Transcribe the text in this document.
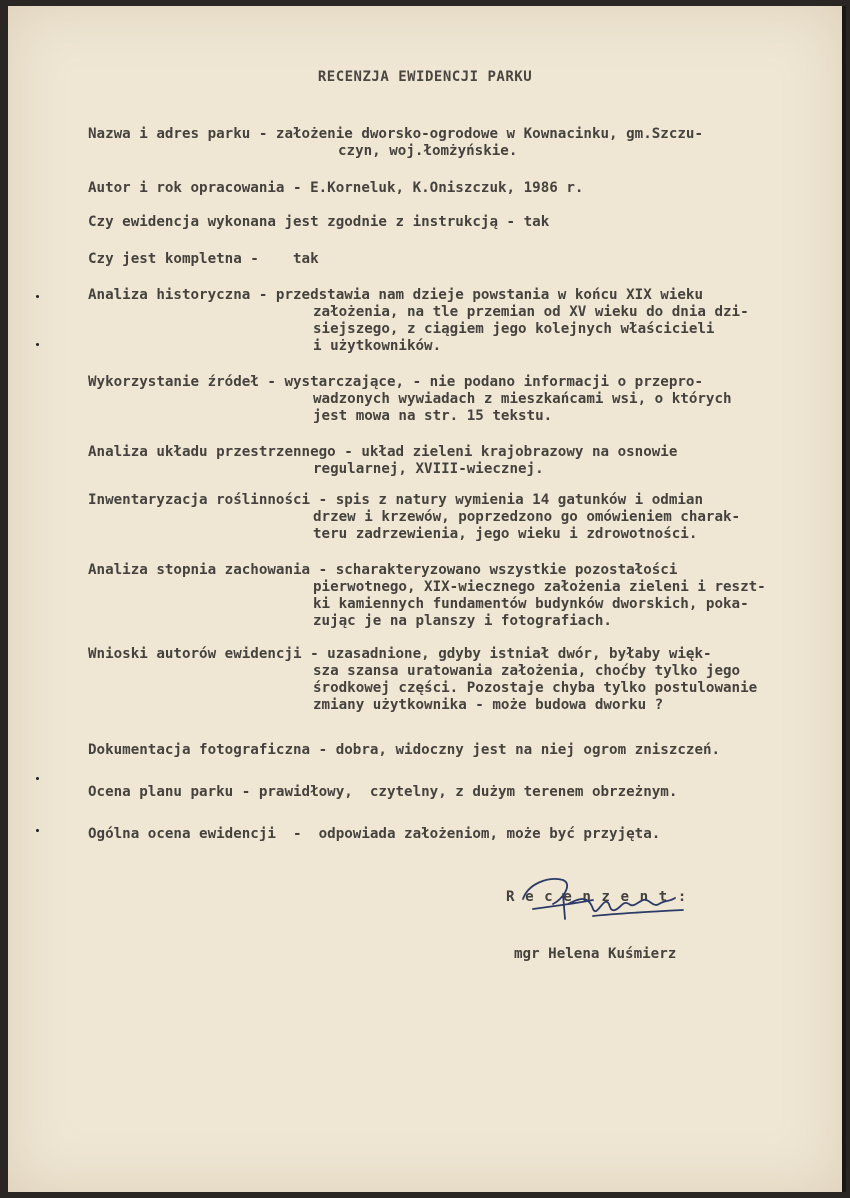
RECENZJA EWIDENCJI PARKU
Nazwa i adres parku - założenie dworsko-ogrodowe w Kownacinku, gm.Szczu-
czyn, woj.łomżyńskie.
Autor i rok opracowania - E.Korneluk, K.Oniszczuk, 1986 r.
Czy ewidencja wykonana jest zgodnie z instrukcją - tak
Czy jest kompletna -    tak
Analiza historyczna - przedstawia nam dzieje powstania w końcu XIX wieku
założenia, na tle przemian od XV wieku do dnia dzi-
siejszego, z ciągiem jego kolejnych właścicieli
i użytkowników.
Wykorzystanie źródeł - wystarczające, - nie podano informacji o przepro-
wadzonych wywiadach z mieszkańcami wsi, o których
jest mowa na str. 15 tekstu.
Analiza układu przestrzennego - układ zieleni krajobrazowy na osnowie
regularnej, XVIII-wiecznej.
Inwentaryzacja roślinności - spis z natury wymienia 14 gatunków i odmian
drzew i krzewów, poprzedzono go omówieniem charak-
teru zadrzewienia, jego wieku i zdrowotności.
Analiza stopnia zachowania - scharakteryzowano wszystkie pozostałości
pierwotnego, XIX-wiecznego założenia zieleni i reszt-
ki kamiennych fundamentów budynków dworskich, poka-
zując je na planszy i fotografiach.
Wnioski autorów ewidencji - uzasadnione, gdyby istniał dwór, byłaby więk-
sza szansa uratowania założenia, choćby tylko jego
środkowej części. Pozostaje chyba tylko postulowanie
zmiany użytkownika - może budowa dworku ?
Dokumentacja fotograficzna - dobra, widoczny jest na niej ogrom zniszczeń.
Ocena planu parku - prawidłowy,  czytelny, z dużym terenem obrzeżnym.
Ogólna ocena ewidencji  -  odpowiada założeniom, może być przyjęta.
R e c e n z e n t :
mgr Helena Kuśmierz
